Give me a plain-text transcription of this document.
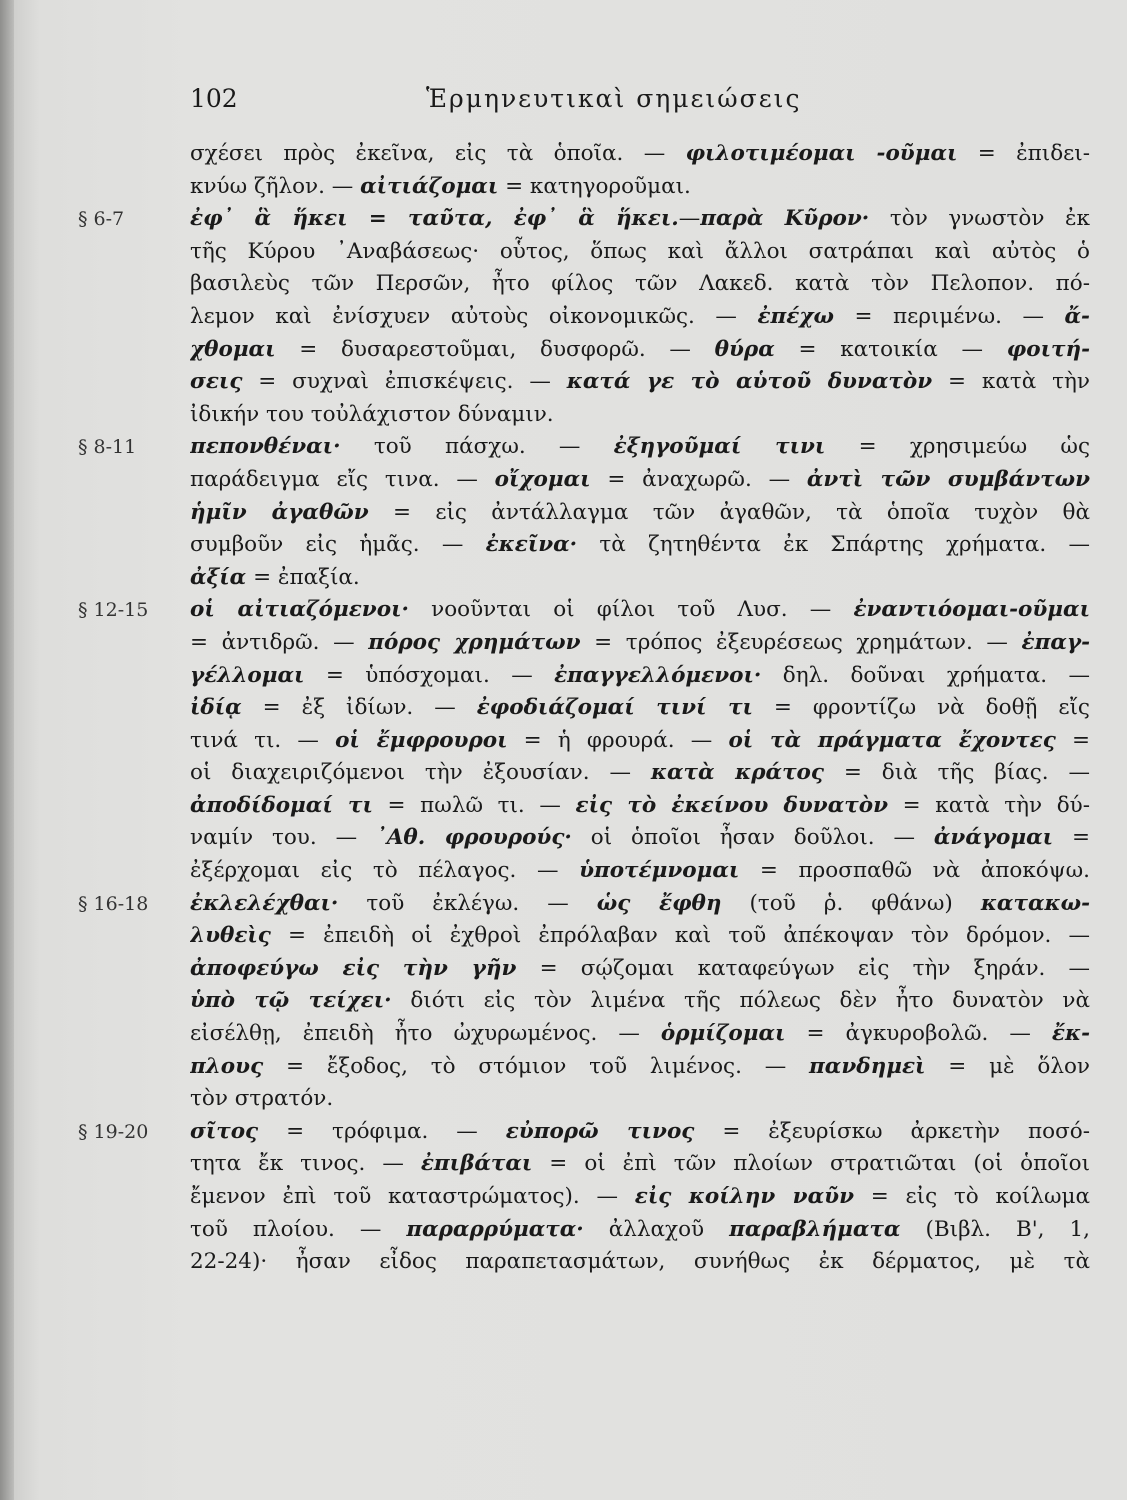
102	Ἑρμηνευτικαὶ σημειώσεις
§ 6-7
§ 8-11
§ 12-15
§ 16-18
§ 19-20
σχέσει πρὸς ἐκεῖνα, εἰς τὰ ὁποῖα. — φιλοτιμέομαι -οῦμαι = ἐπιδει-
κνύω ζῆλον. — αἰτιάζομαι = κατηγοροῦμαι.
ἐφ᾽ ἃ ἥκει = ταῦτα, ἐφ᾽ ἃ ἥκει.—παρὰ Κῦρον· τὸν γνωστὸν ἐκ
τῆς Κύρου ᾿Αναβάσεως· οὗτος, ὅπως καὶ ἄλλοι σατράπαι καὶ αὐτὸς ὁ
βασιλεὺς τῶν Περσῶν, ἦτο φίλος τῶν Λακεδ. κατὰ τὸν Πελοπον. πό-
λεμον καὶ ἐνίσχυεν αὐτοὺς οἰκονομικῶς. — ἐπέχω = περιμένω. — ἄ-
χθομαι = δυσαρεστοῦμαι, δυσφορῶ. — θύρα = κατοικία — φοιτή-
σεις = συχναὶ ἐπισκέψεις. — κατά γε τὸ αὑτοῦ δυνατὸν = κατὰ τὴν
ἰδικήν του τοὐλάχιστον δύναμιν.
πεπονθέναι· τοῦ πάσχω. — ἐξηγοῦμαί τινι = χρησιμεύω ὡς
παράδειγμα εἴς τινα. — οἴχομαι = ἀναχωρῶ. — ἀντὶ τῶν συμβάντων
ἡμῖν ἀγαθῶν = εἰς ἀντάλλαγμα τῶν ἀγαθῶν, τὰ ὁποῖα τυχὸν θὰ
συμβοῦν εἰς ἡμᾶς. — ἐκεῖνα· τὰ ζητηθέντα ἐκ Σπάρτης χρήματα. —
ἀξία = ἐπαξία.
οἱ αἰτιαζόμενοι· νοοῦνται οἱ φίλοι τοῦ Λυσ. — ἐναντιόομαι-οῦμαι
= ἀντιδρῶ. — πόρος χρημάτων = τρόπος ἐξευρέσεως χρημάτων. — ἐπαγ-
γέλλομαι = ὑπόσχομαι. — ἐπαγγελλόμενοι· δηλ. δοῦναι χρήματα. —
ἰδίᾳ = ἐξ ἰδίων. — ἐφοδιάζομαί τινί τι = φροντίζω νὰ δοθῇ εἴς
τινά τι. — οἱ ἔμφρουροι = ἡ φρουρά. — οἱ τὰ πράγματα ἔχοντες =
οἱ διαχειριζόμενοι τὴν ἐξουσίαν. — κατὰ κράτος = διὰ τῆς βίας. —
ἀποδίδομαί τι = πωλῶ τι. — εἰς τὸ ἐκείνου δυνατὸν = κατὰ τὴν δύ-
ναμίν του. — ᾿Αθ. φρουρούς· οἱ ὁποῖοι ἦσαν δοῦλοι. — ἀνάγομαι =
ἐξέρχομαι εἰς τὸ πέλαγος. — ὑποτέμνομαι = προσπαθῶ νὰ ἀποκόψω.
ἐκλελέχθαι· τοῦ ἐκλέγω. — ὡς ἔφθη (τοῦ ῥ. φθάνω) κατακω-
λυθεὶς = ἐπειδὴ οἱ ἐχθροὶ ἐπρόλαβαν καὶ τοῦ ἀπέκοψαν τὸν δρόμον. —
ἀποφεύγω εἰς τὴν γῆν = σῴζομαι καταφεύγων εἰς τὴν ξηράν. —
ὑπὸ τῷ τείχει· διότι εἰς τὸν λιμένα τῆς πόλεως δὲν ἦτο δυνατὸν νὰ
εἰσέλθῃ, ἐπειδὴ ἦτο ὠχυρωμένος. — ὁρμίζομαι = ἀγκυροβολῶ. — ἔκ-
πλους = ἔξοδος, τὸ στόμιον τοῦ λιμένος. — πανδημεὶ = μὲ ὅλον
τὸν στρατόν.
σῖτος = τρόφιμα. — εὐπορῶ τινος = ἐξευρίσκω ἀρκετὴν ποσό-
τητα ἔκ τινος. — ἐπιβάται = οἱ ἐπὶ τῶν πλοίων στρατιῶται (οἱ ὁποῖοι
ἔμενον ἐπὶ τοῦ καταστρώματος). — εἰς κοίλην ναῦν = εἰς τὸ κοίλωμα
τοῦ πλοίου. — παραρρύματα· ἀλλαχοῦ παραβλήματα (Βιβλ. Β', 1,
22-24)· ἦσαν εἶδος παραπετασμάτων, συνήθως ἐκ δέρματος, μὲ τὰ
